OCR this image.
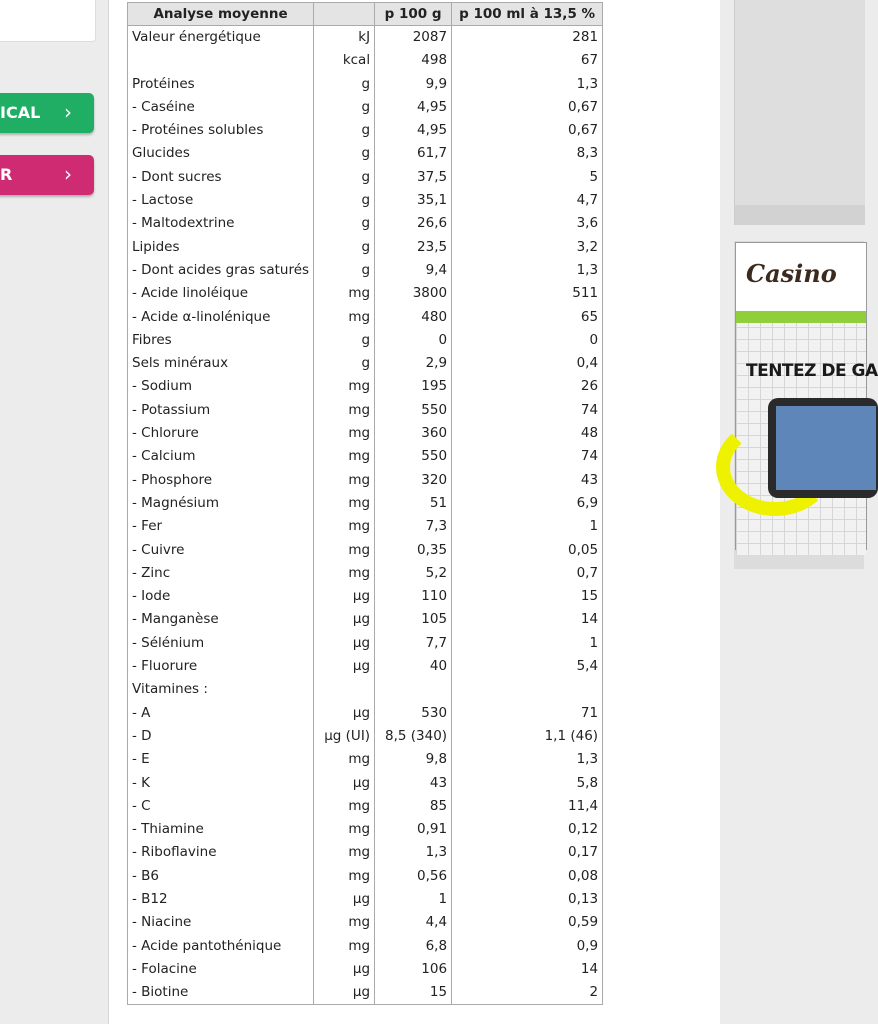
ICAL ›
R	›
Analyse moyenne		p 100 g	p 100 ml à 13,5 %
Valeur énergétique	kJ	2087	281
	kcal	498	67
Protéines	g	9,9	1,3
- Caséine	g	4,95	0,67
- Protéines solubles	g	4,95	0,67
Glucides	g	61,7	8,3
- Dont sucres	g	37,5	5
- Lactose	g	35,1	4,7
- Maltodextrine	g	26,6	3,6
Lipides	g	23,5	3,2
- Dont acides gras saturés	g	9,4	1,3
- Acide linoléique	mg	3800	511
- Acide α-linolénique	mg	480	65
Fibres	g	0	0
Sels minéraux	g	2,9	0,4
- Sodium	mg	195	26
- Potassium	mg	550	74
- Chlorure	mg	360	48
- Calcium	mg	550	74
- Phosphore	mg	320	43
- Magnésium	mg	51	6,9
- Fer	mg	7,3	1
- Cuivre	mg	0,35	0,05
- Zinc	mg	5,2	0,7
- Iode	µg	110	15
- Manganèse	µg	105	14
- Sélénium	µg	7,7	1
- Fluorure	µg	40	5,4
Vitamines :			
- A	µg	530	71
- D	µg (UI)	8,5 (340)	1,1 (46)
- E	mg	9,8	1,3
- K	µg	43	5,8
- C	mg	85	11,4
- Thiamine	mg	0,91	0,12
- Riboflavine	mg	1,3	0,17
- B6	mg	0,56	0,08
- B12	µg	1	0,13
- Niacine	mg	4,4	0,59
- Acide pantothénique	mg	6,8	0,9
- Folacine	µg	106	14
- Biotine	µg	15	2
Casino
TENTEZ DE GA
